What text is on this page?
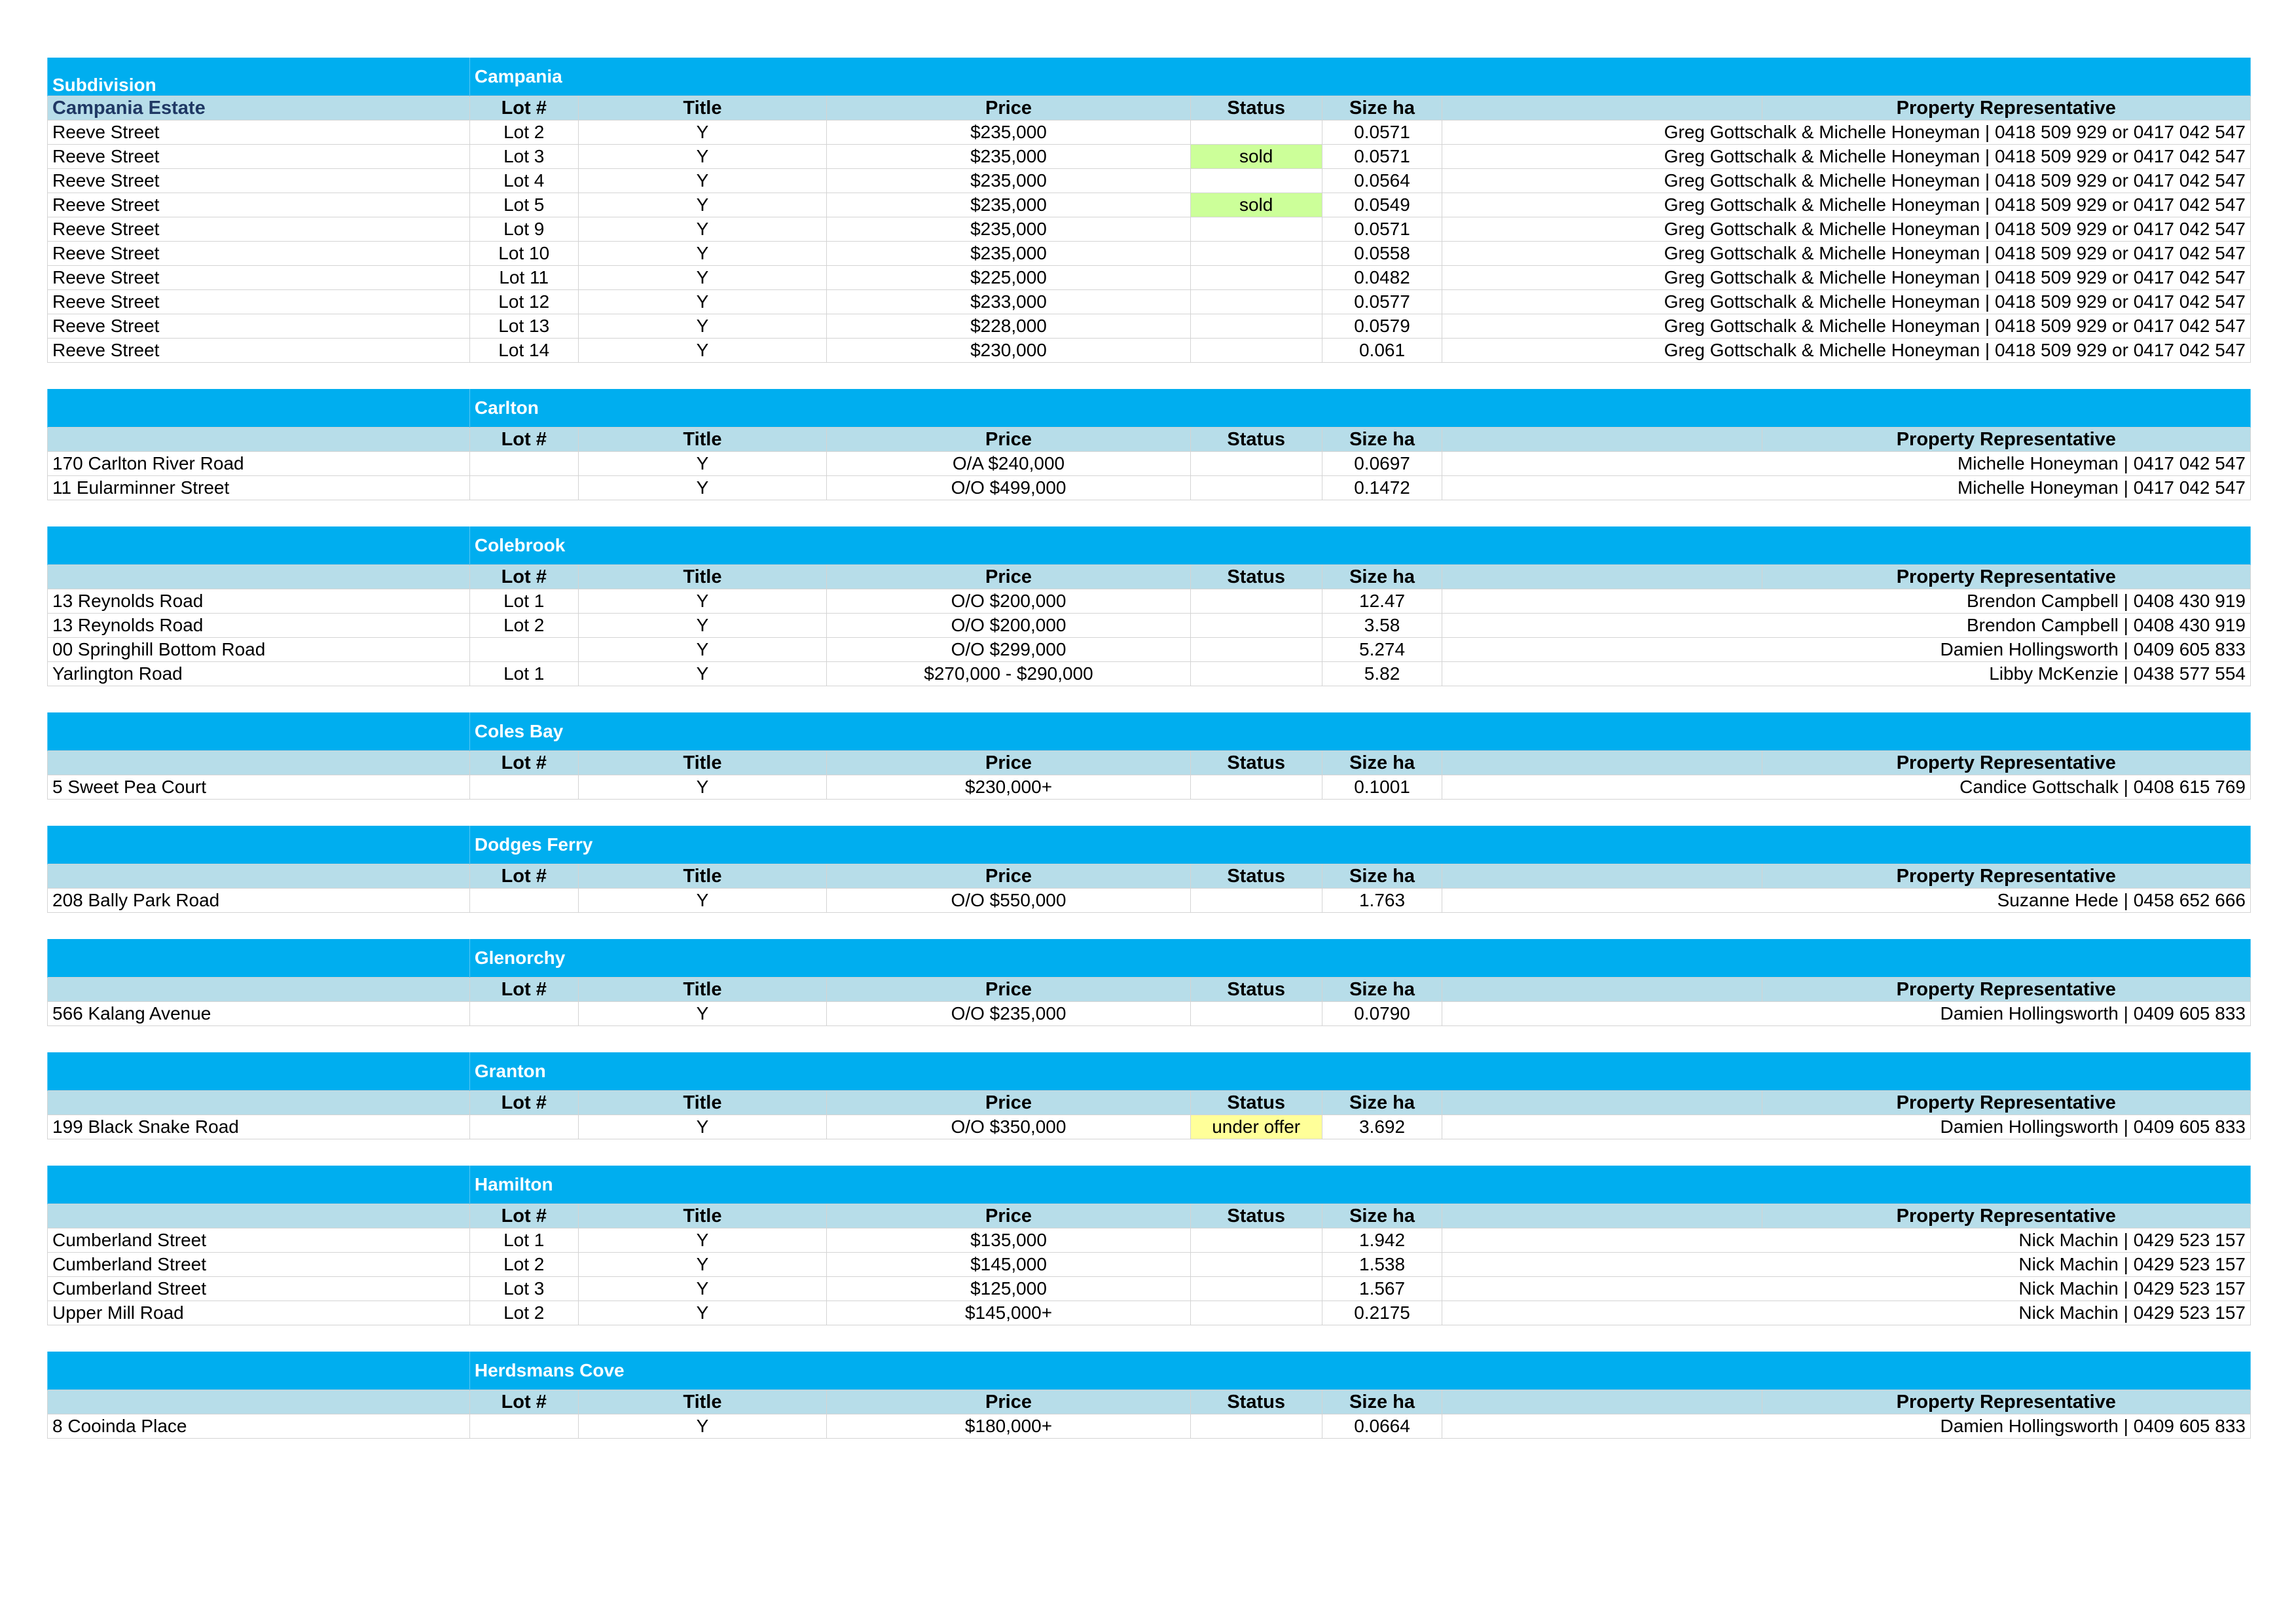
Subdivision	Campania						
Campania Estate	Lot #	Title	Price	Status	Size ha		Property Representative
Reeve Street	Lot 2	Y	$235,000		0.0571	Greg Gottschalk & Michelle Honeyman | 0418 509 929 or 0417 042 547	
Reeve Street	Lot 3	Y	$235,000	sold	0.0571	Greg Gottschalk & Michelle Honeyman | 0418 509 929 or 0417 042 547	
Reeve Street	Lot 4	Y	$235,000		0.0564	Greg Gottschalk & Michelle Honeyman | 0418 509 929 or 0417 042 547	
Reeve Street	Lot 5	Y	$235,000	sold	0.0549	Greg Gottschalk & Michelle Honeyman | 0418 509 929 or 0417 042 547	
Reeve Street	Lot 9	Y	$235,000		0.0571	Greg Gottschalk & Michelle Honeyman | 0418 509 929 or 0417 042 547	
Reeve Street	Lot 10	Y	$235,000		0.0558	Greg Gottschalk & Michelle Honeyman | 0418 509 929 or 0417 042 547	
Reeve Street	Lot 11	Y	$225,000		0.0482	Greg Gottschalk & Michelle Honeyman | 0418 509 929 or 0417 042 547	
Reeve Street	Lot 12	Y	$233,000		0.0577	Greg Gottschalk & Michelle Honeyman | 0418 509 929 or 0417 042 547	
Reeve Street	Lot 13	Y	$228,000		0.0579	Greg Gottschalk & Michelle Honeyman | 0418 509 929 or 0417 042 547	
Reeve Street	Lot 14	Y	$230,000		0.061	Greg Gottschalk & Michelle Honeyman | 0418 509 929 or 0417 042 547	
	Carlton						
	Lot #	Title	Price	Status	Size ha		Property Representative
170 Carlton River Road		Y	O/A $240,000		0.0697	Michelle Honeyman | 0417 042 547	
11 Eularminner Street		Y	O/O $499,000		0.1472	Michelle Honeyman | 0417 042 547	
	Colebrook						
	Lot #	Title	Price	Status	Size ha		Property Representative
13 Reynolds Road	Lot 1	Y	O/O $200,000		12.47	Brendon Campbell | 0408 430 919	
13 Reynolds Road	Lot 2	Y	O/O $200,000		3.58	Brendon Campbell | 0408 430 919	
00 Springhill Bottom Road		Y	O/O $299,000		5.274	Damien Hollingsworth | 0409 605 833	
Yarlington Road	Lot 1	Y	$270,000 - $290,000		5.82	Libby McKenzie | 0438 577 554	
	Coles Bay						
	Lot #	Title	Price	Status	Size ha		Property Representative
5 Sweet Pea Court		Y	$230,000+		0.1001	Candice Gottschalk | 0408 615 769	
	Dodges Ferry						
	Lot #	Title	Price	Status	Size ha		Property Representative
208 Bally Park Road		Y	O/O $550,000		1.763	Suzanne Hede | 0458 652 666	
	Glenorchy						
	Lot #	Title	Price	Status	Size ha		Property Representative
566 Kalang Avenue		Y	O/O $235,000		0.0790	Damien Hollingsworth | 0409 605 833	
	Granton						
	Lot #	Title	Price	Status	Size ha		Property Representative
199 Black Snake Road		Y	O/O $350,000	under offer	3.692	Damien Hollingsworth | 0409 605 833	
	Hamilton						
	Lot #	Title	Price	Status	Size ha		Property Representative
Cumberland Street	Lot 1	Y	$135,000		1.942	Nick Machin | 0429 523 157	
Cumberland Street	Lot 2	Y	$145,000		1.538	Nick Machin | 0429 523 157	
Cumberland Street	Lot 3	Y	$125,000		1.567	Nick Machin | 0429 523 157	
Upper Mill Road	Lot 2	Y	$145,000+		0.2175	Nick Machin | 0429 523 157	
	Herdsmans Cove						
	Lot #	Title	Price	Status	Size ha		Property Representative
8 Cooinda Place		Y	$180,000+		0.0664	Damien Hollingsworth | 0409 605 833	
